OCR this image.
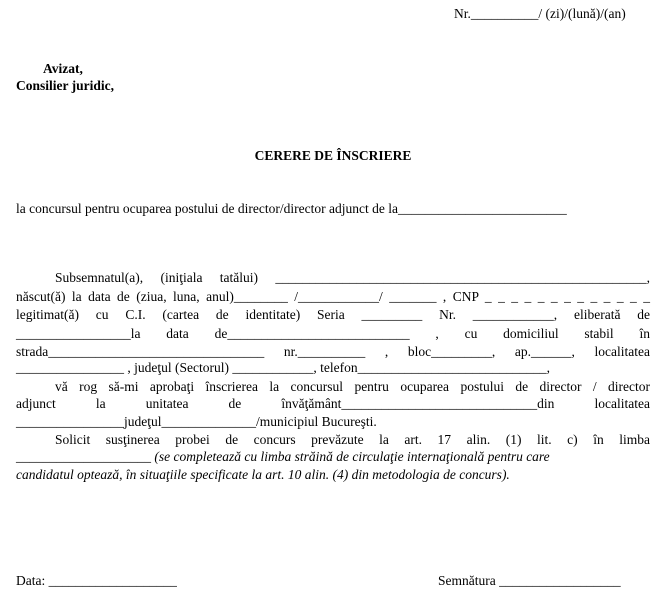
Nr.__________/ (zi)/(lună)/(an)
Avizat,
Consilier juridic,
CERERE DE ÎNSCRIERE
la concursul pentru ocuparea postului de director/director adjunct de la_________________________
Subsemnatul(a), (iniţiala tatălui) _______________________________________________________,
născut(ă) la data de (ziua, luna, anul)________ /____________/ _______ , CNP _ _ _ _ _ _ _ _ _ _ _ _ _
legitimat(ă) cu C.I. (cartea de identitate) Seria _________ Nr. ____________, eliberată de
_________________la data de___________________________ , cu domiciliul stabil în
strada________________________________ nr.__________ , bloc_________, ap.______, localitatea
________________ , judeţul (Sectorul) ____________, telefon____________________________,
vă rog să-mi aprobaţi înscrierea la concursul pentru ocuparea postului de director / director
adjunct la unitatea de învăţământ_____________________________din localitatea
________________judeţul______________/municipiul Bucureşti.
Solicit susţinerea probei de concurs prevăzute la art. 17 alin. (1) lit. c) în limba
____________________ (se completează cu limba străină de circulaţie internaţională pentru care
candidatul optează, în situaţiile specificate la art. 10 alin. (4) din metodologia de concurs).
Data: ___________________	Semnătura __________________
